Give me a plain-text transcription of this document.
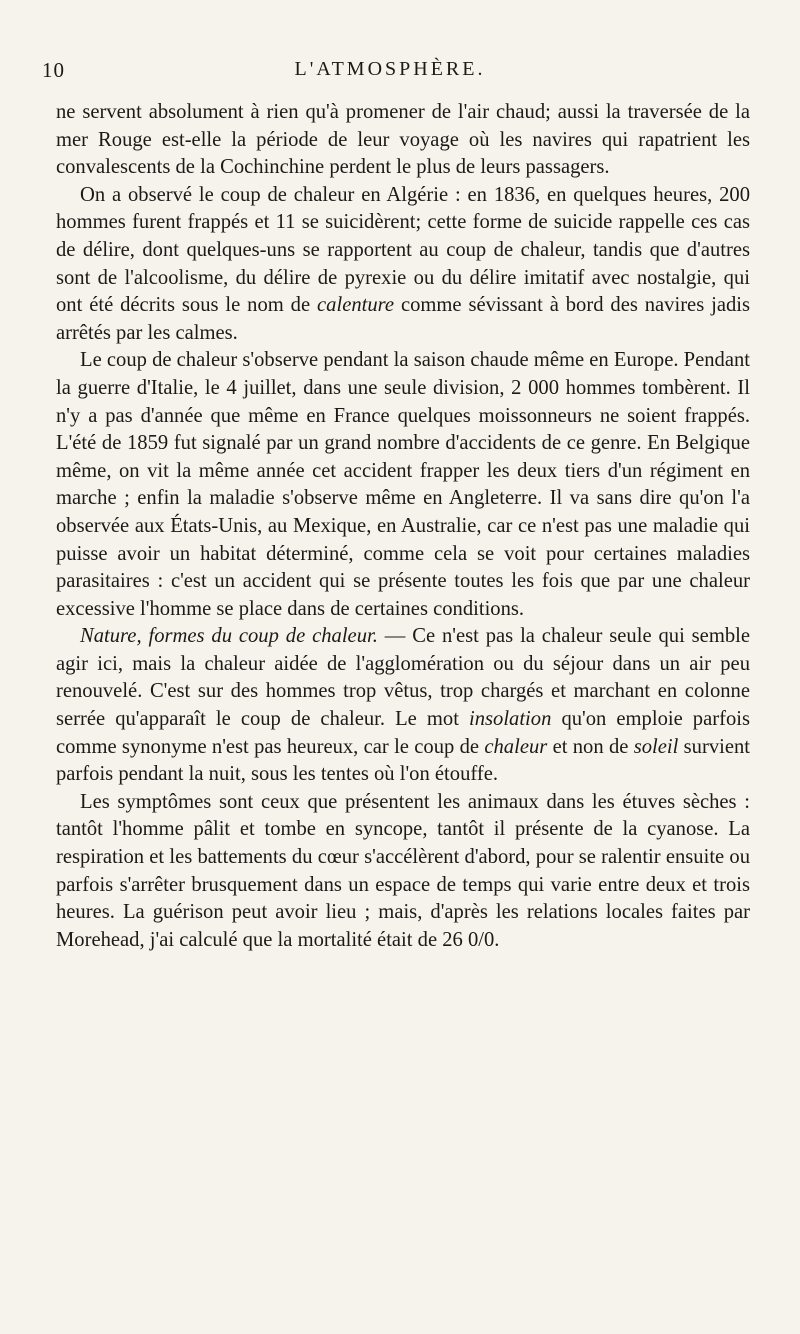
10	L'ATMOSPHÈRE.

ne servent absolument à rien qu'à promener de l'air chaud; aussi la traversée de la mer Rouge est-elle la période de leur voyage où les navires qui rapatrient les convalescents de la Cochinchine perdent le plus de leurs passagers.

On a observé le coup de chaleur en Algérie : en 1836, en quelques heures, 200 hommes furent frappés et 11 se suicidèrent; cette forme de suicide rappelle ces cas de délire, dont quelques-uns se rapportent au coup de chaleur, tandis que d'autres sont de l'alcoolisme, du délire de pyrexie ou du délire imitatif avec nostalgie, qui ont été décrits sous le nom de calenture comme sévissant à bord des navires jadis arrêtés par les calmes.

Le coup de chaleur s'observe pendant la saison chaude même en Europe. Pendant la guerre d'Italie, le 4 juillet, dans une seule division, 2 000 hommes tombèrent. Il n'y a pas d'année que même en France quelques moissonneurs ne soient frappés. L'été de 1859 fut signalé par un grand nombre d'accidents de ce genre. En Belgique même, on vit la même année cet accident frapper les deux tiers d'un régiment en marche ; enfin la maladie s'observe même en Angleterre. Il va sans dire qu'on l'a observée aux États-Unis, au Mexique, en Australie, car ce n'est pas une maladie qui puisse avoir un habitat déterminé, comme cela se voit pour certaines maladies parasitaires : c'est un accident qui se présente toutes les fois que par une chaleur excessive l'homme se place dans de certaines conditions.

Nature, formes du coup de chaleur. — Ce n'est pas la chaleur seule qui semble agir ici, mais la chaleur aidée de l'agglomération ou du séjour dans un air peu renouvelé. C'est sur des hommes trop vêtus, trop chargés et marchant en colonne serrée qu'apparaît le coup de chaleur. Le mot insolation qu'on emploie parfois comme synonyme n'est pas heureux, car le coup de chaleur et non de soleil survient parfois pendant la nuit, sous les tentes où l'on étouffe.

Les symptômes sont ceux que présentent les animaux dans les étuves sèches : tantôt l'homme pâlit et tombe en syncope, tantôt il présente de la cyanose. La respiration et les battements du cœur s'accélèrent d'abord, pour se ralentir ensuite ou parfois s'arrêter brusquement dans un espace de temps qui varie entre deux et trois heures. La guérison peut avoir lieu ; mais, d'après les relations locales faites par Morehead, j'ai calculé que la mortalité était de 26 0/0.
